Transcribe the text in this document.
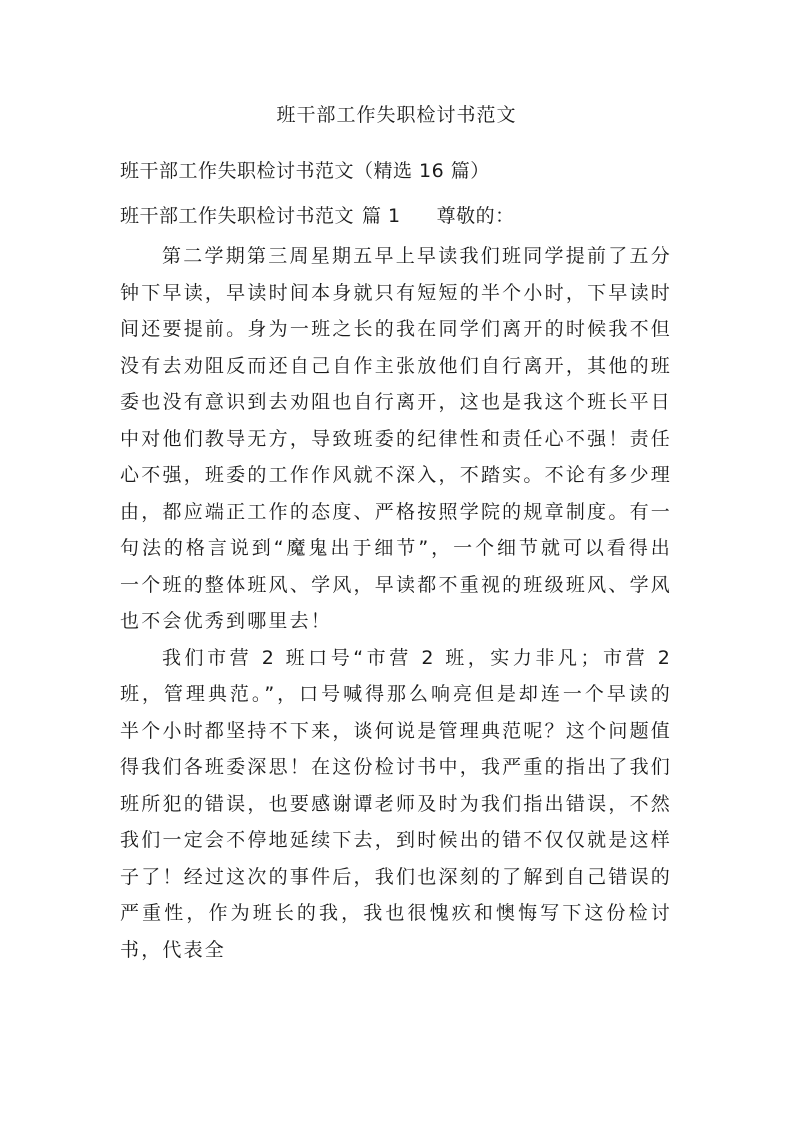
班干部工作失职检讨书范文
班干部工作失职检讨书范文（精选 16 篇）
班干部工作失职检讨书范文 篇 1 尊敬的：

第二学期第三周星期五早上早读我们班同学提前了五分钟下早读，早读时间本身就只有短短的半个小时，下早读时间还要提前。身为一班之长的我在同学们离开的时候我不但没有去劝阻反而还自己自作主张放他们自行离开，其他的班委也没有意识到去劝阻也自行离开，这也是我这个班长平日中对他们教导无方，导致班委的纪律性和责任心不强！责任心不强，班委的工作作风就不深入，不踏实。不论有多少理由，都应端正工作的态度、严格按照学院的规章制度。有一句法的格言说到“魔鬼出于细节”，一个细节就可以看得出一个班的整体班风、学风，早读都不重视的班级班风、学风也不会优秀到哪里去！

我们市营 2 班口号“市营 2 班，实力非凡；市营 2 班，管理典范。”，口号喊得那么响亮但是却连一个早读的半个小时都坚持不下来，谈何说是管理典范呢？这个问题值得我们各班委深思！在这份检讨书中，我严重的指出了我们班所犯的错误，也要感谢谭老师及时为我们指出错误，不然我们一定会不停地延续下去，到时候出的错不仅仅就是这样子了！经过这次的事件后，我们也深刻的了解到自己错误的严重性，作为班长的我，我也很愧疚和懊悔写下这份检讨书，代表全
